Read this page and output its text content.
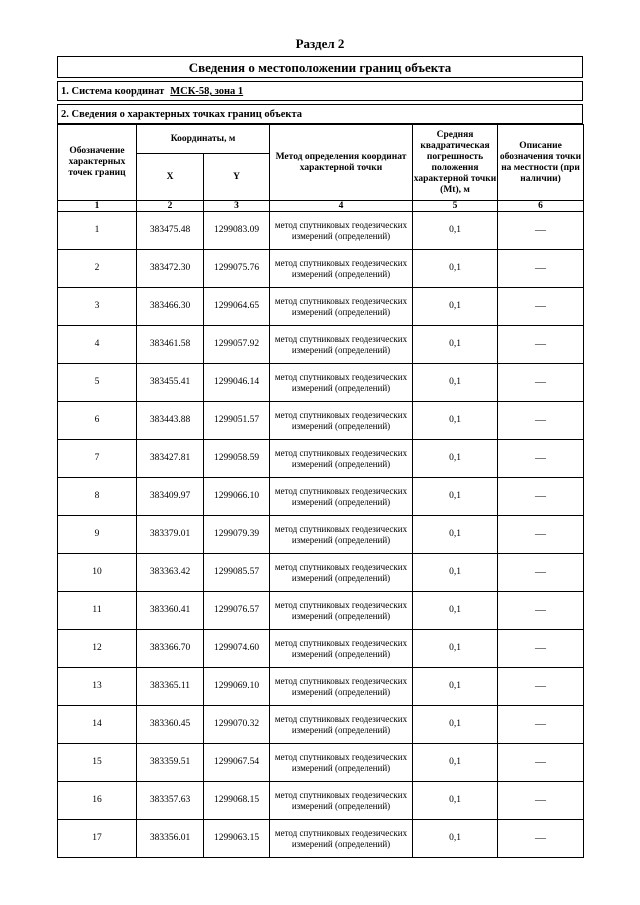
Раздел 2
Сведения о местоположении границ объекта
1. Система координат МСК-58, зона 1
2. Сведения о характерных точках границ объекта
Обозначение характерных точек границ	Координаты, м		Метод определения координат характерной точки	Средняя квадратическая погрешность положения характерной точки (Mt), м	Описание обозначения точки на местности (при наличии)
	X	Y			
1	2	3	4	5	6
1	383475.48	1299083.09	метод спутниковых геодезических измерений (определений)	0,1	—
2	383472.30	1299075.76	метод спутниковых геодезических измерений (определений)	0,1	—
3	383466.30	1299064.65	метод спутниковых геодезических измерений (определений)	0,1	—
4	383461.58	1299057.92	метод спутниковых геодезических измерений (определений)	0,1	—
5	383455.41	1299046.14	метод спутниковых геодезических измерений (определений)	0,1	—
6	383443.88	1299051.57	метод спутниковых геодезических измерений (определений)	0,1	—
7	383427.81	1299058.59	метод спутниковых геодезических измерений (определений)	0,1	—
8	383409.97	1299066.10	метод спутниковых геодезических измерений (определений)	0,1	—
9	383379.01	1299079.39	метод спутниковых геодезических измерений (определений)	0,1	—
10	383363.42	1299085.57	метод спутниковых геодезических измерений (определений)	0,1	—
11	383360.41	1299076.57	метод спутниковых геодезических измерений (определений)	0,1	—
12	383366.70	1299074.60	метод спутниковых геодезических измерений (определений)	0,1	—
13	383365.11	1299069.10	метод спутниковых геодезических измерений (определений)	0,1	—
14	383360.45	1299070.32	метод спутниковых геодезических измерений (определений)	0,1	—
15	383359.51	1299067.54	метод спутниковых геодезических измерений (определений)	0,1	—
16	383357.63	1299068.15	метод спутниковых геодезических измерений (определений)	0,1	—
17	383356.01	1299063.15	метод спутниковых геодезических измерений (определений)	0,1	—
